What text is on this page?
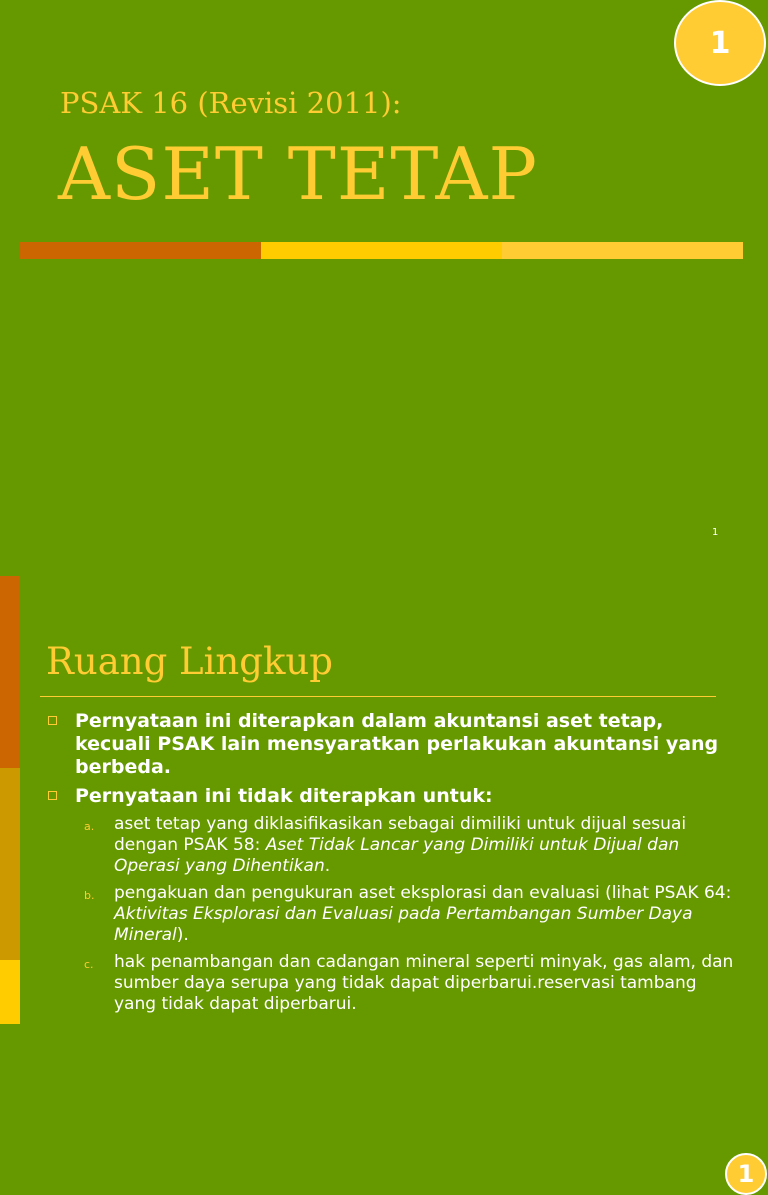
1
PSAK 16 (Revisi 2011):
ASET TETAP
1
1
Ruang Lingkup
Pernyataan ini diterapkan dalam akuntansi aset tetap, kecuali PSAK lain mensyaratkan perlakukan akuntansi yang berbeda.
Pernyataan ini tidak diterapkan untuk:
a. aset tetap yang diklasifikasikan sebagai dimiliki untuk dijual sesuai dengan PSAK 58: Aset Tidak Lancar yang Dimiliki untuk Dijual dan Operasi yang Dihentikan.
b. pengakuan dan pengukuran aset eksplorasi dan evaluasi (lihat PSAK 64: Aktivitas Eksplorasi dan Evaluasi pada Pertambangan Sumber Daya Mineral).
c. hak penambangan dan cadangan mineral seperti minyak, gas alam, dan sumber daya serupa yang tidak dapat diperbarui.reservasi tambang yang tidak dapat diperbarui.
